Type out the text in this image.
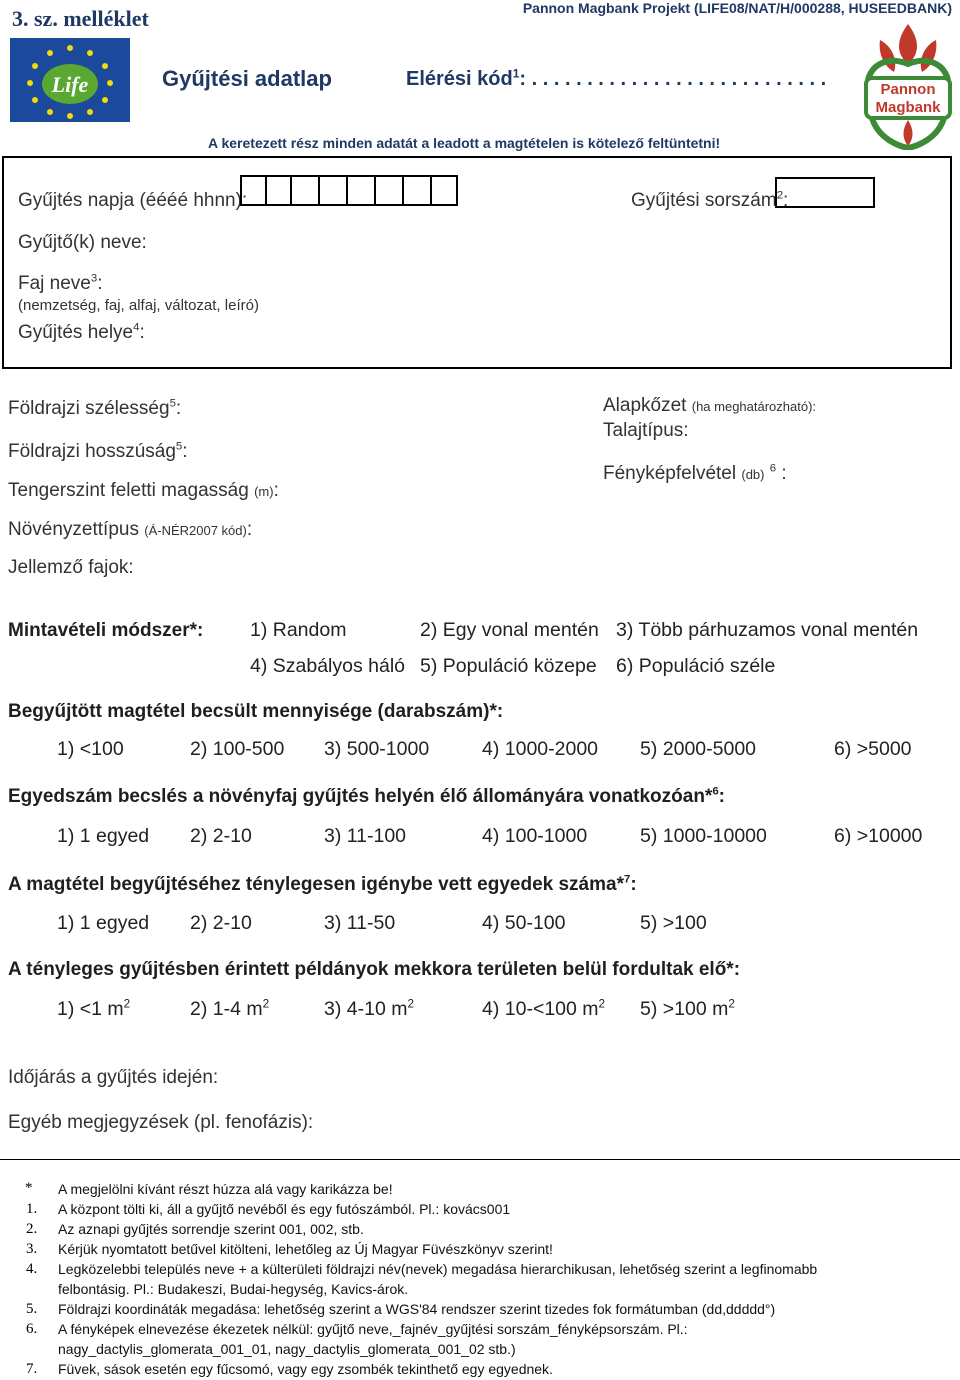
3. sz. melléklet	Pannon Magbank Projekt (LIFE08/NAT/H/000288, HUSEEDBANK)
Life	Gyűjtési adatlap	Elérési kód$^1$: . . . . . . . . . . . . . . . . . . . . . . . . . . .
A keretezett rész minden adatát a leadott a magtételen is kötelező feltüntetni!
Pannon
Magbank
Gyűjtés napja (éééé hhnn):	Gyűjtési sorszám$^2$:
Gyűjtő(k) neve:
Faj neve$^3$:
(nemzetség, faj, alfaj, változat, leíró)
Gyűjtés helye$^4$:
Földrajzi szélesség$^5$:
Földrajzi hosszúság$^5$:
Tengerszint feletti magasság (m):
Növényzettípus (Á-NÉR2007 kód):
Jellemző fajok:
Alapkőzet (ha meghatározható):
Talajtípus:
Fényképfelvétel (db) $^6$ :
Mintavételi módszer*: 1) Random	2) Egy vonal mentén 3) Több párhuzamos vonal mentén
4) Szabályos háló 5) Populáció közepe 6) Populáció széle
Begyűjtött magtétel becsült mennyisége (darabszám)*:
1) <100	2) 100-500 3) 500-1000	4) 1000-2000 5) 2000-5000	6) >5000
Egyedszám becslés a növényfaj gyűjtés helyén élő állományára vonatkozóan*$^6$:
1) 1 egyed 2) 2-10	3) 11-100	4) 100-1000	5) 1000-10000	6) >10000
A magtétel begyűjtéséhez ténylegesen igénybe vett egyedek száma*$^7$:
1) 1 egyed 2) 2-10	3) 11-50	4) 50-100	5) >100
A tényleges gyűjtésben érintett példányok mekkora területen belül fordultak elő*:
1) <1 $m^2$	2) 1-4 $m^2$	3) 4-10 $m^2$	4) 10-<100 $m^2$ 5) >100 $m^2$
Időjárás a gyűjtés idején:
Egyéb megjegyzések (pl. fenofázis):
* A megjelölni kívánt részt húzza alá vagy karikázza be!
1. A központ tölti ki, áll a gyűjtő nevéből és egy futószámból. Pl.: kovács001
2. Az aznapi gyűjtés sorrendje szerint 001, 002, stb.
3. Kérjük nyomtatott betűvel kitölteni, lehetőleg az Új Magyar Füvészkönyv szerint!
4. Legközelebbi település neve + a külterületi földrajzi név(nevek) megadása hierarchikusan, lehetőség szerint a legfinomabb
felbontásig. Pl.: Budakeszi, Budai-hegység, Kavics-árok.
5. Földrajzi koordináták megadása: lehetőség szerint a WGS'84 rendszer szerint tizedes fok formátumban (dd,ddddd°)
6. A fényképek elnevezése ékezetek nélkül: gyűjtő neve,_fajnév_gyűjtési sorszám_fényképsorszám. Pl.:
nagy_dactylis_glomerata_001_01, nagy_dactylis_glomerata_001_02 stb.)
7. Füvek, sások esetén egy fűcsomó, vagy egy zsombék tekinthető egy egyednek.
